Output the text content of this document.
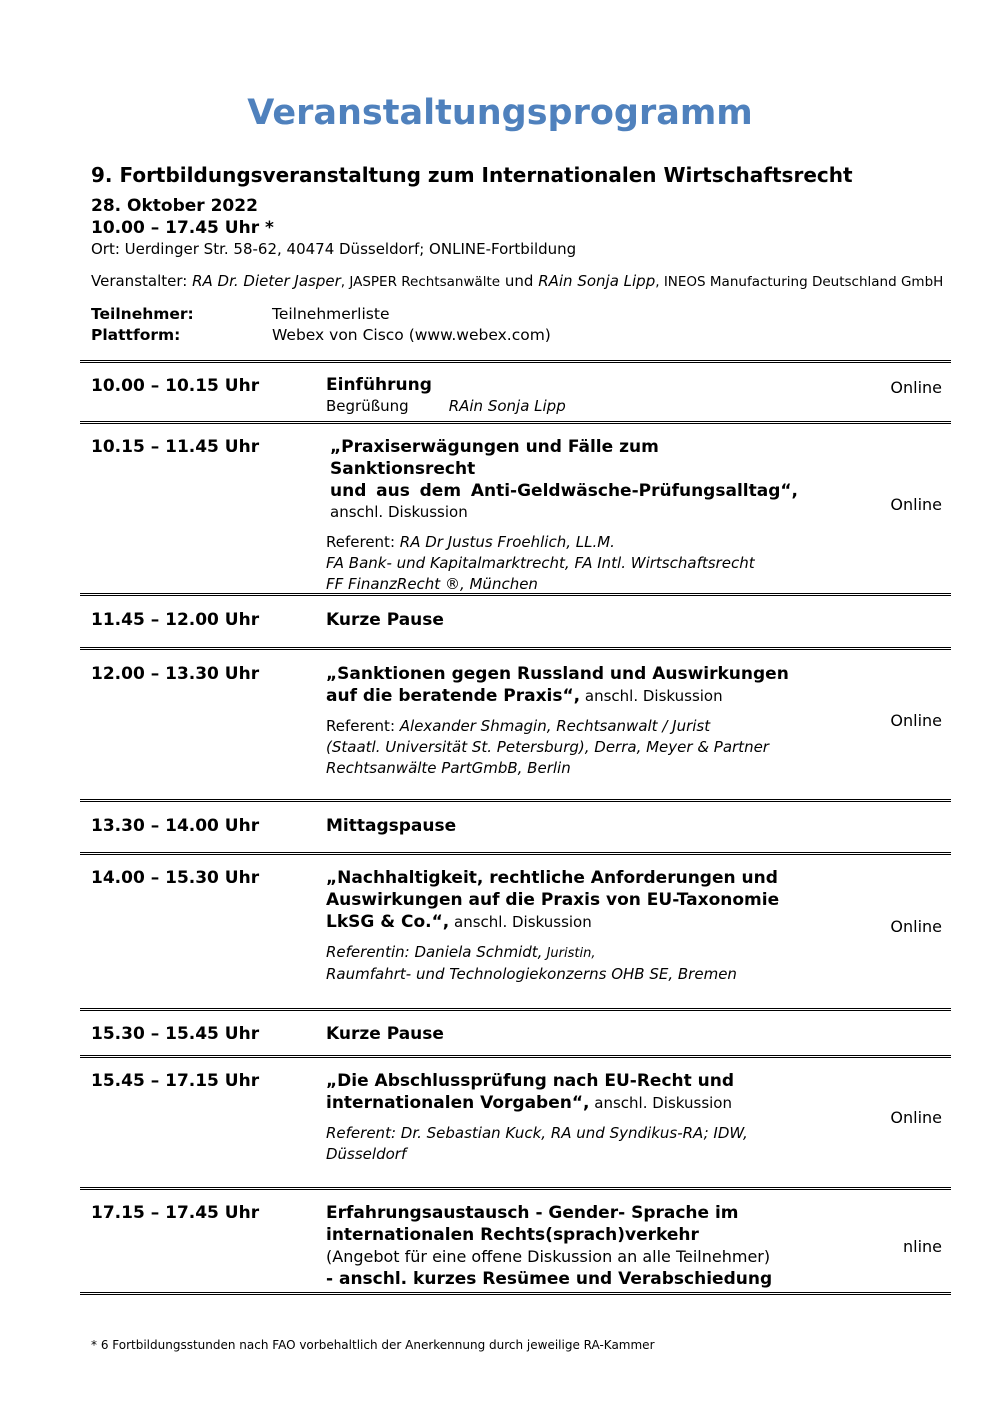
Veranstaltungsprogramm
9. Fortbildungsveranstaltung zum Internationalen Wirtschaftsrecht
28. Oktober 2022
10.00 – 17.45 Uhr *
Ort: Uerdinger Str. 58-62, 40474 Düsseldorf; ONLINE-Fortbildung
Veranstalter: RA Dr. Dieter Jasper, JASPER Rechtsanwälte und RAin Sonja Lipp, INEOS Manufacturing Deutschland GmbH
Teilnehmer:	Teilnehmerliste
Plattform:	Webex von Cisco (www.webex.com)
10.00 – 10.15 Uhr	Einführung
Begrüßung	RAin Sonja Lipp
Online
10.15 – 11.45 Uhr	„Praxiserwägungen und Fälle zum Sanktionsrecht
und aus dem Anti-Geldwäsche-Prüfungsalltag“,
anschl. Diskussion
Referent: RA Dr Justus Froehlich, LL.M.
FA Bank- und Kapitalmarktrecht, FA Intl. Wirtschaftsrecht
FF FinanzRecht ®, München
Online
11.45 – 12.00 Uhr	Kurze Pause
12.00 – 13.30 Uhr	„Sanktionen gegen Russland und Auswirkungen
auf die beratende Praxis“, anschl. Diskussion
Referent: Alexander Shmagin, Rechtsanwalt / Jurist
(Staatl. Universität St. Petersburg), Derra, Meyer & Partner
Rechtsanwälte PartGmbB, Berlin
Online
13.30 – 14.00 Uhr	Mittagspause
14.00 – 15.30 Uhr	„Nachhaltigkeit, rechtliche Anforderungen und
Auswirkungen auf die Praxis von EU-Taxonomie
LkSG & Co.“, anschl. Diskussion
Referentin: Daniela Schmidt, Juristin,
Raumfahrt- und Technologiekonzerns OHB SE, Bremen
Online
15.30 – 15.45 Uhr	Kurze Pause
15.45 – 17.15 Uhr	„Die Abschlussprüfung nach EU-Recht und
internationalen Vorgaben“, anschl. Diskussion
Referent: Dr. Sebastian Kuck, RA und Syndikus-RA; IDW,
Düsseldorf
Online
17.15 – 17.45 Uhr	Erfahrungsaustausch - Gender- Sprache im
internationalen Rechts(sprach)verkehr
(Angebot für eine offene Diskussion an alle Teilnehmer)
- anschl. kurzes Resümee und Verabschiedung
nline
* 6 Fortbildungsstunden nach FAO vorbehaltlich der Anerkennung durch jeweilige RA-Kammer
